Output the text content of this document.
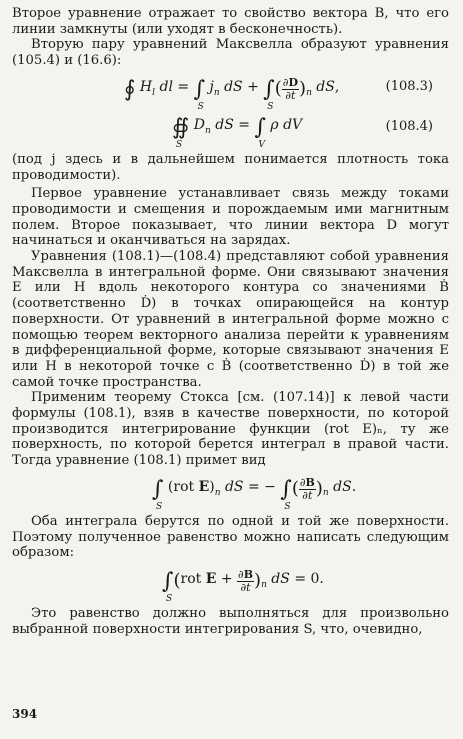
Второе уравнение отражает то свойство вектора B, что его линии замкнуты (или уходят в бесконечность).

Вторую пару уравнений Максвелла образуют уравнения (105.4) и (16.6):

∮ $H_l$ dl = ∫
S
$j_n$ dS + ∫
S
( $\frac{\partial D}{\partial t} )_n$ dS,	(108.3)
∯
S
$D_n$ dS = ∫
V
ρ dV	(108.4)

(под j здесь и в дальнейшем понимается плотность тока проводимости).

Первое уравнение устанавливает связь между токами проводимости и смещения и порождаемым ими магнитным полем. Второе показывает, что линии вектора D могут начинаться и оканчиваться на зарядах.

Уравнения (108.1)—(108.4) представляют собой уравнения Максвелла в интегральной форме. Они связывают значения E или H вдоль некоторого контура со значениями Ḃ (соответственно Ḋ) в точках опирающейся на контур поверхности. От уравнений в интегральной форме можно с помощью теорем векторного анализа перейти к уравнениям в дифференциальной форме, которые связывают значения E или H в некоторой точке с Ḃ (соответственно Ḋ) в той же самой точке пространства.

Применим теорему Стокса [см. (107.14)] к левой части формулы (108.1), взяв в качестве поверхности, по которой производится интегрирование функции (rot E)ₙ, ту же поверхность, по которой берется интеграл в правой части. Тогда уравнение (108.1) примет вид

∫
S
(rot $E)_n$ dS = − ∫
S
( $\frac{\partial B}{\partial t} )_n$ dS.

Оба интеграла берутся по одной и той же поверхности. Поэтому полученное равенство можно написать следующим образом:

∫
S
(rot $E + \frac{\partial B}{\partial t} )_n$ dS = 0.

Это равенство должно выполняться для произвольно выбранной поверхности интегрирования S, что, очевидно,

394
